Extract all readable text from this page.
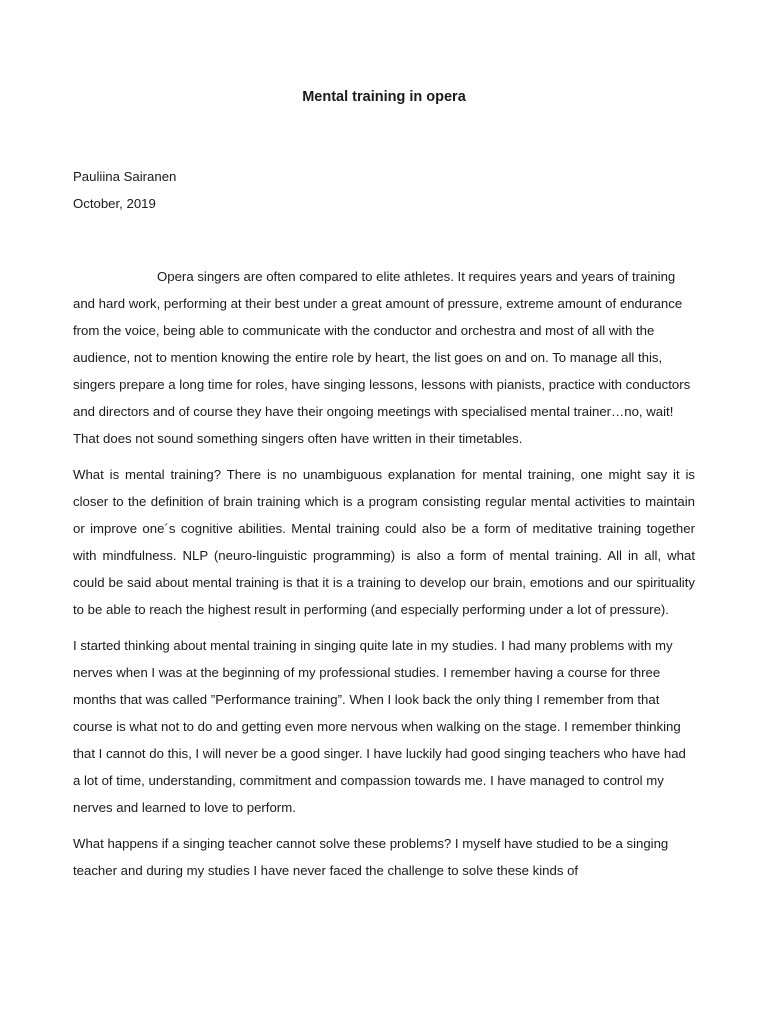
Mental training in opera
Pauliina Sairanen
October, 2019

Opera singers are often compared to elite athletes. It requires years and years of training and hard work, performing at their best under a great amount of pressure, extreme amount of endurance from the voice, being able to communicate with the conductor and orchestra and most of all with the audience, not to mention knowing the entire role by heart, the list goes on and on. To manage all this, singers prepare a long time for roles, have singing lessons, lessons with pianists, practice with conductors and directors and of course they have their ongoing meetings with specialised mental trainer…no, wait! That does not sound something singers often have written in their timetables.

What is mental training? There is no unambiguous explanation for mental training, one might say it is closer to the definition of brain training which is a program consisting regular mental activities to maintain or improve one´s cognitive abilities. Mental training could also be a form of meditative training together with mindfulness. NLP (neuro-linguistic programming) is also a form of mental training. All in all, what could be said about mental training is that it is a training to develop our brain, emotions and our spirituality to be able to reach the highest result in performing (and especially performing under a lot of pressure).

I started thinking about mental training in singing quite late in my studies. I had many problems with my nerves when I was at the beginning of my professional studies. I remember having a course for three months that was called ”Performance training”. When I look back the only thing I remember from that course is what not to do and getting even more nervous when walking on the stage. I remember thinking that I cannot do this, I will never be a good singer. I have luckily had good singing teachers who have had a lot of time, understanding, commitment and compassion towards me. I have managed to control my nerves and learned to love to perform.

What happens if a singing teacher cannot solve these problems? I myself have studied to be a singing teacher and during my studies I have never faced the challenge to solve these kinds of
